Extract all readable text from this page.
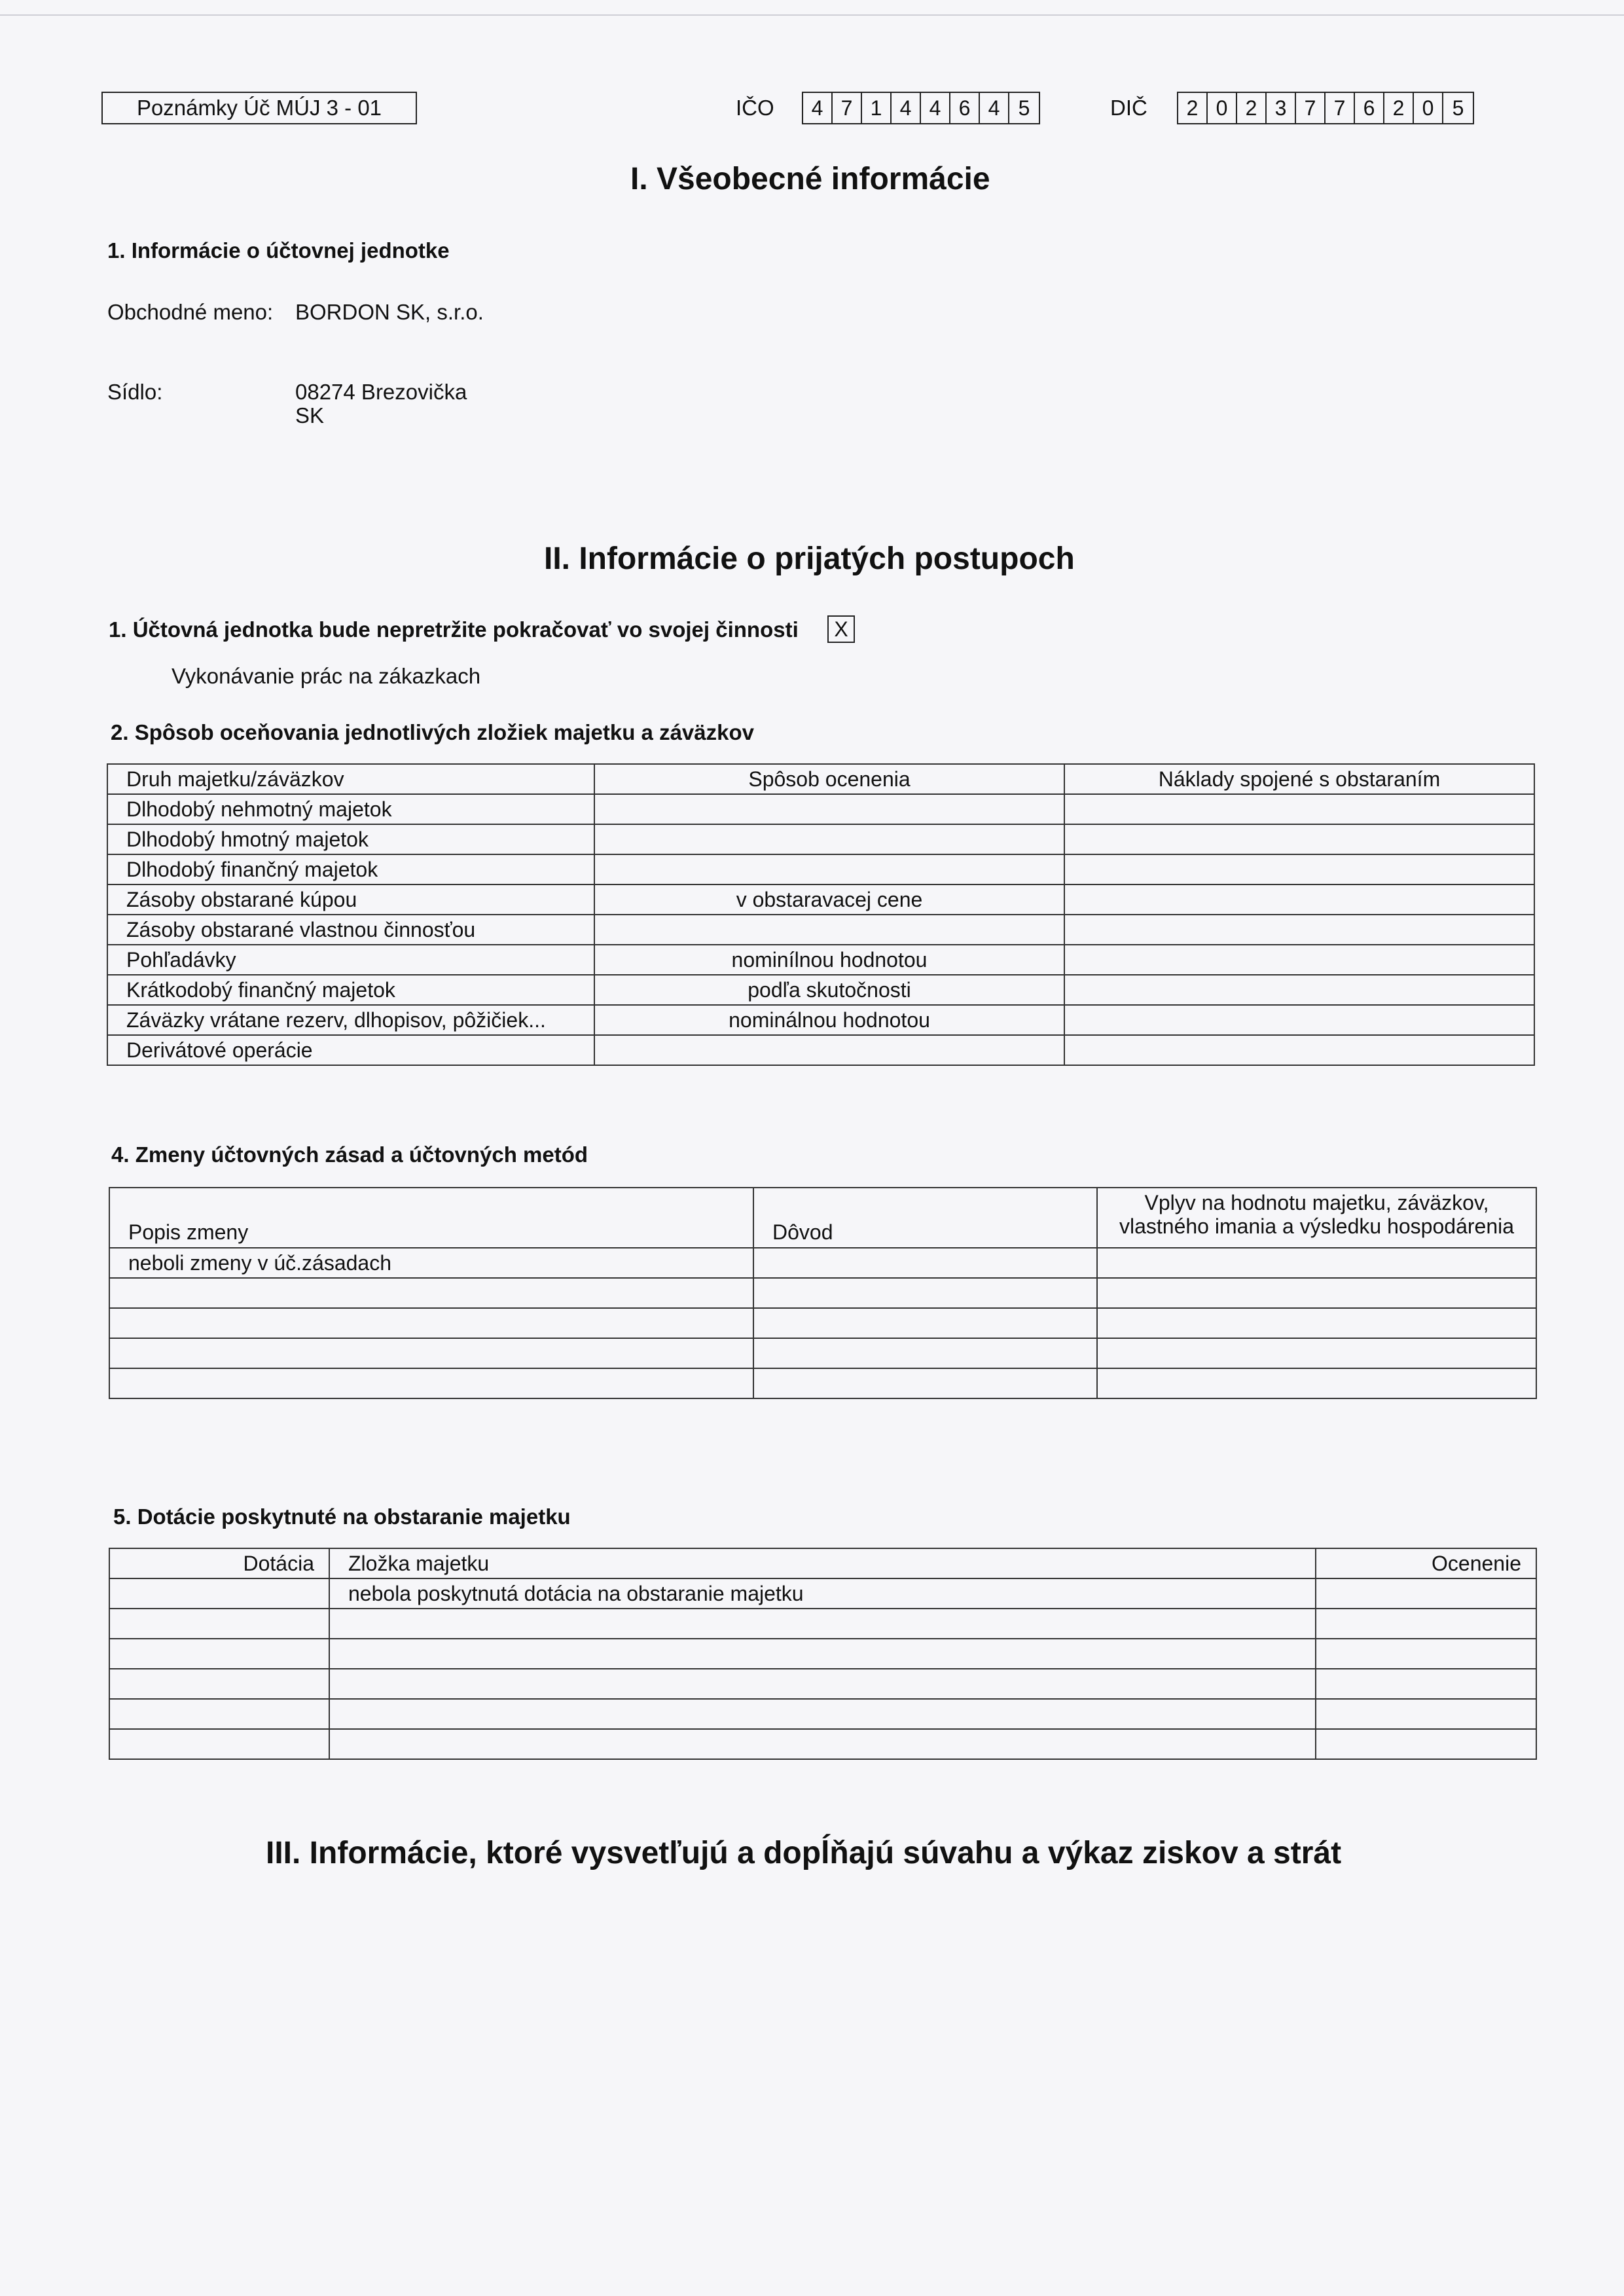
Poznámky Úč MÚJ 3 - 01	IČO	4 7 1 4 4 6 4 5	DIČ	2 0 2 3 7 7 6 2 0 5
I. Všeobecné informácie
1. Informácie o účtovnej jednotke
Obchodné meno: BORDON SK, s.r.o.
Sídlo:	08274 Brezovička
SK
II. Informácie o prijatých postupoch
1. Účtovná jednotka bude nepretržite pokračovať vo svojej činnosti	X
Vykonávanie prác na zákazkach
2. Spôsob oceňovania jednotlivých zložiek majetku a záväzkov
Druh majetku/záväzkov	Spôsob ocenenia	Náklady spojené s obstaraním
Dlhodobý nehmotný majetok		
Dlhodobý hmotný majetok		
Dlhodobý finančný majetok		
Zásoby obstarané kúpou	v obstaravacej cene	
Zásoby obstarané vlastnou činnosťou		
Pohľadávky	nominílnou hodnotou	
Krátkodobý finančný majetok	podľa skutočnosti	
Záväzky vrátane rezerv, dlhopisov, pôžičiek...	nominálnou hodnotou	
Derivátové operácie		
4. Zmeny účtovných zásad a účtovných metód
Popis zmeny	Dôvod	Vplyv na hodnotu majetku, záväzkov, vlastného imania a výsledku hospodárenia
neboli zmeny v úč.zásadach		

5. Dotácie poskytnuté na obstaranie majetku
Dotácia	Zložka majetku	Ocenenie
	nebola poskytnutá dotácia na obstaranie majetku	

III. Informácie, ktoré vysvetľujú a dopĺňajú súvahu a výkaz ziskov a strát
